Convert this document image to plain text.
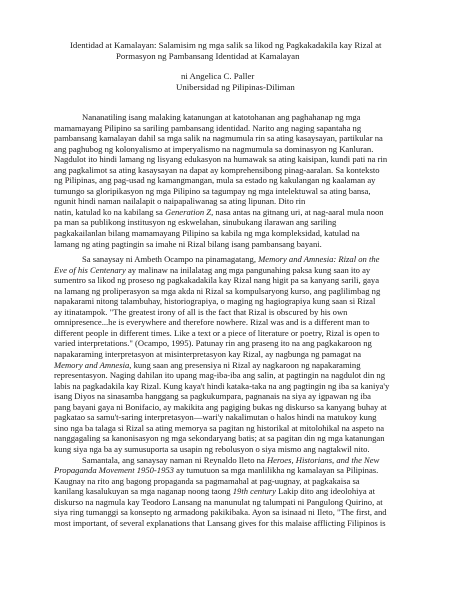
Identidad at Kamalayan: Salamisim ng mga salik sa likod ng Pagkakadakila kay Rizal at
Pormasyon ng Pambansang Identidad at Kamalayan
ni Angelica C. Paller
Unibersidad ng Pilipinas-Diliman

Nananatiling isang malaking katanungan at katotohanan ang paghahanap ng mga
mamamayang Pilipino sa sariling pambansang identidad. Narito ang naging sapantaha ng
pambansang kamalayan dahil sa mga salik na nagmumula rin sa ating kasaysayan, partikular na
ang paghubog ng kolonyalismo at imperyalismo na nagmumula sa dominasyon ng Kanluran.
Nagdulot ito hindi lamang ng lisyang edukasyon na humawak sa ating kaisipan, kundi pati na rin
ang pagkalimot sa ating kasaysayan na dapat ay komprehensibong pinag-aaralan. Sa konteksto
ng Pilipinas, ang pag-usad ng kamangmangan, mula sa estado ng kakulangan ng kaalaman ay
tumungo sa gloripikasyon ng mga Pilipino sa tagumpay ng mga intelektuwal sa ating bansa,
ngunit hindi naman nailalapit o naipapaliwanag sa ating lipunan. Dito rin
natin, katulad ko na kabilang sa Generation Z, nasa antas na gitnang uri, at nag-aaral mula noon
pa man sa publikong institusyon ng eskwelahan, sinubukang ilarawan ang sariling
pagkakailanlan bilang mamamayang Pilipino sa kabila ng mga kompleksidad, katulad na
lamang ng ating pagtingin sa imahe ni Rizal bilang isang pambansang bayani.

Sa sanaysay ni Ambeth Ocampo na pinamagatang, Memory and Amnesia: Rizal on the
Eve of his Centenary ay malinaw na inilalatag ang mga pangunahing paksa kung saan ito ay
sumentro sa likod ng proseso ng pagkakadakila kay Rizal nang higit pa sa kanyang sarili, gaya
na lamang ng proliperasyon sa mga akda ni Rizal sa kompulsaryong kurso, ang paglilimbag ng
napakarami nitong talambuhay, historiograpiya, o maging ng hagiograpiya kung saan si Rizal
ay itinatampok. "The greatest irony of all is the fact that Rizal is obscured by his own
omnipresence...he is everywhere and therefore nowhere. Rizal was and is a different man to
different people in different times. Like a text or a piece of literature or poetry, Rizal is open to
varied interpretations." (Ocampo, 1995). Patunay rin ang praseng ito na ang pagkakaroon ng
napakaraming interpretasyon at misinterpretasyon kay Rizal, ay nagbunga ng pamagat na
Memory and Amnesia, kung saan ang presensiya ni Rizal ay nagkaroon ng napakaraming
representasyon. Naging dahilan ito upang mag-iba-iba ang salin, at pagtingin na nagdulot din ng
labis na pagkadakila kay Rizal. Kung kaya't hindi kataka-taka na ang pagtingin ng iba sa kaniya'y
isang Diyos na sinasamba hanggang sa pagkukumpara, pagnanais na siya ay igpawan ng iba
pang bayani gaya ni Bonifacio, ay makikita ang pagiging bukas ng diskurso sa kanyang buhay at
pagkatao sa samu't-saring interpretasyon—wari'y nakalimutan o halos hindi na matukoy kung
sino nga ba talaga si Rizal sa ating memorya sa pagitan ng historikal at mitolohikal na aspeto na
nanggagaling sa kanonisasyon ng mga sekondaryang batis; at sa pagitan din ng mga katanungan
kung siya nga ba ay sumusuporta sa usapin ng rebolusyon o siya mismo ang nagtakwil nito.

Samantala, ang sanaysay naman ni Reynaldo Ileto na Heroes, Historians, and the New
Propaganda Movement 1950-1953 ay tumutuon sa mga manlilikha ng kamalayan sa Pilipinas.
Kaugnay na rito ang bagong propaganda sa pagmamahal at pag-uugnay, at pagkakaisa sa
kanilang kasalukuyan sa mga naganap noong taong 19th century Lakip dito ang ideolohiya at
diskurso na nagmula kay Teodoro Lansang na manunulat ng talumpati ni Pangulong Quirino, at
siya ring tumanggi sa konsepto ng armadong pakikibaka. Ayon sa isinaad ni Ileto, "The first, and
most important, of several explanations that Lansang gives for this malaise afflicting Filipinos is
